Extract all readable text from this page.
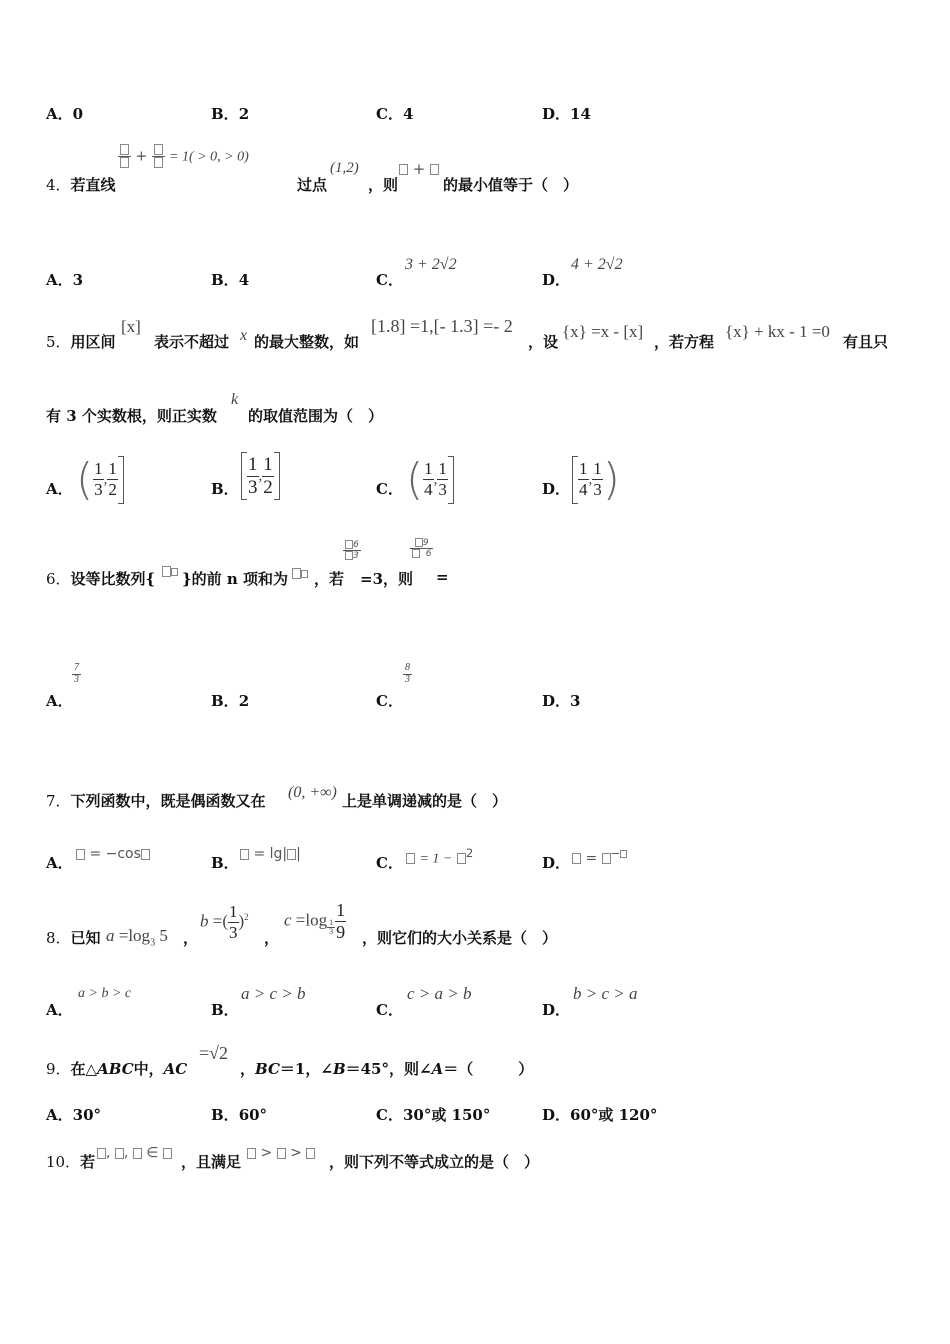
A．0	B．2	C．4	D．14
4．若直线
+
= 1( > 0, > 0)
过点
(1,2)
，则
+
的最小值等于（　）
A．3	B．4	C．
3 + 2√2
D．
4 + 2√2
5．用区间
[x]
表示不超过 x 的最大整数，如
[1.8] =1,[- 1.3] =- 2
，设
{x} =x - [x]
，若方程
{x} + kx - 1 =0
有且只
有 3 个实数根，则正实数
k
的取值范围为（　）
A． ( $\frac{1}{3}$ , $\frac{1}{2}$	B． $\frac{1}{3}$ , $\frac{1}{2}$	C． ( $\frac{1}{4}$ , $\frac{1}{3}$	D． $\frac{1}{4}$ , $\frac{1}{3}$ )
6．设等比数列{ }的前 n 项和为 ，若
$\frac{6}{3}$
=3，则
$\frac{9}{6}$
=
A．
$\frac{7}{3}$
B．2	C．
$\frac{8}{3}$
D．3
7．下列函数中，既是偶函数又在 (0, +∞) 上是单调递减的是（　）
A．	= −cos	B．	= lg| |	C．	= 1 − $^2$
D．	= −
8．已知 $a =\log_3$ 5 ，
b =( $\frac{1}{3} )^2$
，
c =log $_{\frac{1}{3}} \frac{1}{9}$ ，则它们的大小关系是（　）
A．
a > b > c
B．
a > c > b
C．
c > a > b
D．
b > c > a
9．在△ABC中，AC
=√2
，BC＝1，∠B＝45°，则∠A＝（　　　）
A．30°	B．60°	C．30°或 150°	D．60°或 120°
10．若 , ,  ∈	，且满足	>  >	，则下列不等式成立的是（　）
